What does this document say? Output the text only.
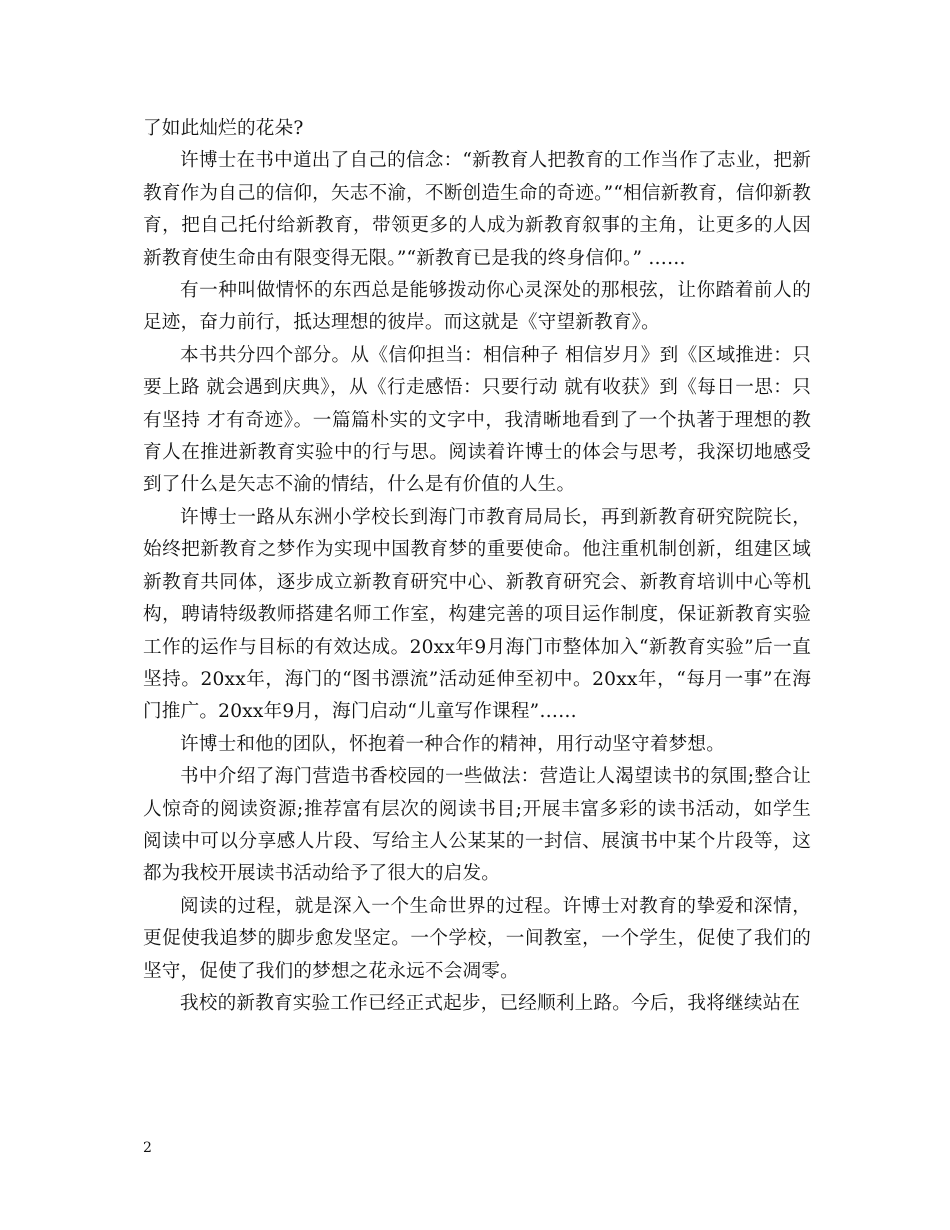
了如此灿烂的花朵?

许博士在书中道出了自己的信念：“新教育人把教育的工作当作了志业，把新教育作为自己的信仰，矢志不渝，不断创造生命的奇迹。”“相信新教育，信仰新教育，把自己托付给新教育，带领更多的人成为新教育叙事的主角，让更多的人因新教育使生命由有限变得无限。”“新教育已是我的终身信仰。” ……

有一种叫做情怀的东西总是能够拨动你心灵深处的那根弦，让你踏着前人的足迹，奋力前行，抵达理想的彼岸。而这就是《守望新教育》。

本书共分四个部分。从《信仰担当：相信种子 相信岁月》到《区域推进：只要上路 就会遇到庆典》，从《行走感悟：只要行动 就有收获》到《每日一思：只有坚持 才有奇迹》。一篇篇朴实的文字中，我清晰地看到了一个执著于理想的教育人在推进新教育实验中的行与思。阅读着许博士的体会与思考，我深切地感受到了什么是矢志不渝的情结，什么是有价值的人生。

许博士一路从东洲小学校长到海门市教育局局长，再到新教育研究院院长，始终把新教育之梦作为实现中国教育梦的重要使命。他注重机制创新，组建区域新教育共同体，逐步成立新教育研究中心、新教育研究会、新教育培训中心等机构，聘请特级教师搭建名师工作室，构建完善的项目运作制度，保证新教育实验工作的运作与目标的有效达成。20xx年9月海门市整体加入“新教育实验”后一直坚持。20xx年，海门的“图书漂流”活动延伸至初中。20xx年，“每月一事”在海门推广。20xx年9月，海门启动“儿童写作课程”……

许博士和他的团队，怀抱着一种合作的精神，用行动坚守着梦想。

书中介绍了海门营造书香校园的一些做法：营造让人渴望读书的氛围;整合让人惊奇的阅读资源;推荐富有层次的阅读书目;开展丰富多彩的读书活动，如学生阅读中可以分享感人片段、写给主人公某某的一封信、展演书中某个片段等，这都为我校开展读书活动给予了很大的启发。

阅读的过程，就是深入一个生命世界的过程。许博士对教育的挚爱和深情，更促使我追梦的脚步愈发坚定。一个学校，一间教室，一个学生，促使了我们的坚守，促使了我们的梦想之花永远不会凋零。

我校的新教育实验工作已经正式起步，已经顺利上路。今后，我将继续站在

2
